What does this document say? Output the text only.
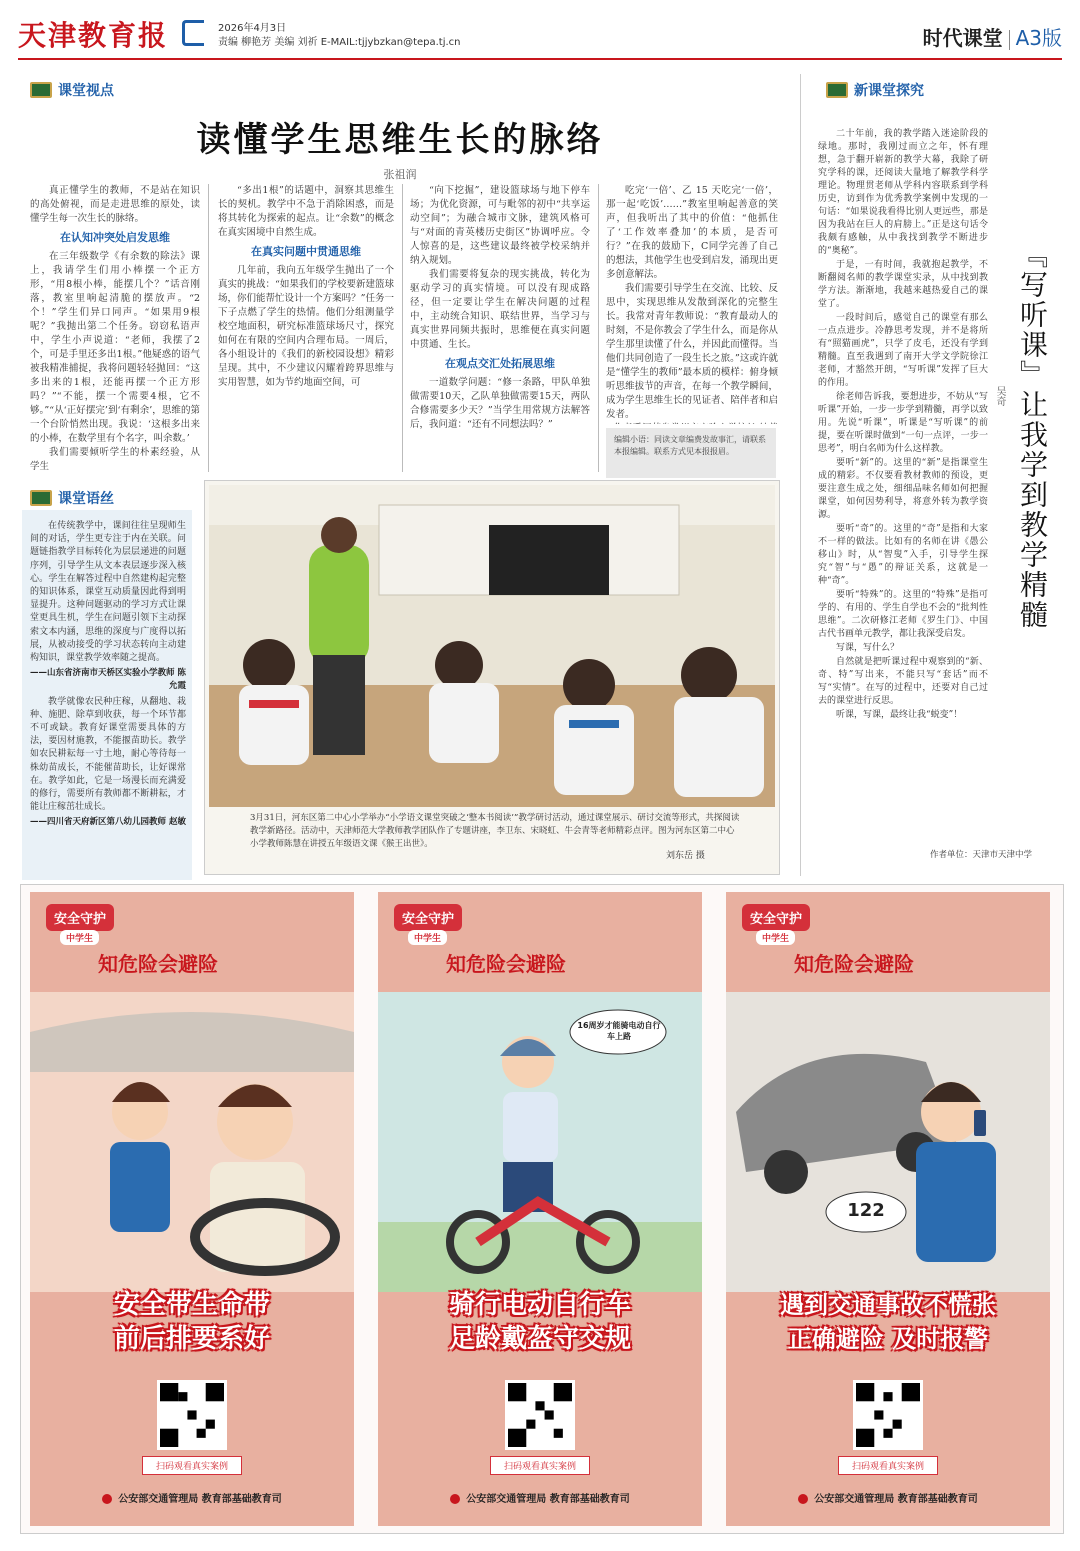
天津教育报	2026年4月3日
责编 柳艳芳 美编 刘祈 E-MAIL:tjjybzkan@tepa.tj.cn	时代课堂 A3版
课堂视点	新课堂探究
读懂学生思维生长的脉络
张祖润

真正懂学生的教师，不是站在知识的高处俯视，而是走进思维的原处，读懂学生每一次生长的脉络。

在认知冲突处启发思维

在三年级数学《有余数的除法》课上，我请学生们用小棒摆一个正方形，“用8根小棒，能摆几个？”话音刚落，教室里响起清脆的摆放声。“2个！”学生们异口同声。“如果用9根呢？”我抛出第二个任务。窃窃私语声中，学生小声说道：“老师，我摆了2个，可是手里还多出1根。”他疑惑的语气被我精准捕捉，我将问题轻轻抛回：“这多出来的1根，还能再摆一个正方形吗？”“不能，摆一个需要4根，它不够。”“从‘正好摆完’到‘有剩余’，思维的第一个台阶悄然出现。我说：‘这根多出来的小棒，在数学里有个名字，叫余数。’

我们需要倾听学生的朴素经验，从学生

“多出1根”的话题中，洞察其思维生长的契机。教学中不急于消除困惑，而是将其转化为探索的起点。让“余数”的概念在真实困境中自然生成。

在真实问题中贯通思维

几年前，我向五年级学生抛出了一个真实的挑战：“如果我们的学校要新建篮球场，你们能帮忙设计一个方案吗？”任务一下子点燃了学生的热情。他们分组测量学校空地面积，研究标准篮球场尺寸，探究如何在有限的空间内合理布局。一周后，各小组设计的《我们的新校园设想》精彩呈现。其中，不少建议闪耀着跨界思维与实用智慧，如为节约地面空间，可

“向下挖掘”，建设篮球场与地下停车场；为优化资源，可与毗邻的初中“共享运动空间”；为融合城市文脉，建筑风格可与“对面的青英楼历史街区”协调呼应。令人惊喜的是，这些建议最终被学校采纳并纳入规划。

我们需要将复杂的现实挑战，转化为驱动学习的真实情境。可以没有现成路径，但一定要让学生在解决问题的过程中，主动统合知识、联结世界，当学习与真实世界同频共振时，思维便在真实问题中贯通、生长。

在观点交汇处拓展思维

一道数学问题：“修一条路，甲队单独做需要10天，乙队单独做需要15天，两队合修需要多少天？”当学生用常规方法解答后，我问道：“还有不同想法吗？”

吃完‘一倍’、乙 15 天吃完‘一倍’，那一起‘吃饭’……”教室里响起善意的笑声，但我听出了其中的价值：“他抓住了‘工作效率叠加’的本质，是否可行？”在我的鼓励下，C同学完善了自己的想法，其他学生也受到启发，涌现出更多创意解法。

我们需要引导学生在交流、比较、反思中，实现思维从发散到深化的完整生长。我常对青年教师说：“教育最动人的时刻，不是你教会了学生什么，而是你从学生那里读懂了什么，并因此而懂得。当他们共同创造了一段生长之旅。”这或许就是“懂学生的教师”最本质的模样：俯身倾听思维拔节的声音，在每一个教学瞬间，成为学生思维生长的见证者、陪伴者和启发者。

编辑小语：同读文章编费发故事汇，请联系本报编辑。联系方式见本报报眉。
课堂语丝

在传统教学中，课间往往呈现师生间的对话，学生更专注于内在关联。问题链指教学目标转化为层层递进的问题序列，引导学生从文本表层逐步深入核心。学生在解答过程中自然建构起完整的知识体系，课堂互动质量因此得到明显提升。这种问题驱动的学习方式让课堂更具生机，学生在问题引领下主动探索文本内涵，思维的深度与广度得以拓展，从被动接受的学习状态转向主动建构知识，课堂教学效率随之提高。

——山东省济南市天桥区实验小学教师 陈允霞

教学就像农民种庄稼，从翻地、栽种、施肥、除草到收获，每一个环节都不可或缺。教育好课堂需要具体的方法，要因材施教，不能揠苗助长。教学如农民耕耘每一寸土地，耐心等待每一株幼苗成长，不能催苗助长，让好课常在。教学如此，它是一场漫长而充满爱的修行，需要所有教师都不断耕耘，才能让庄稼茁壮成长。

——四川省天府新区第八幼儿园教师 赵敏	3月31日，河东区第二中心小学举办“小学语文课堂突破之‘整本书阅读’”教学研讨活动，通过课堂展示、研讨交流等形式，共探阅读教学新路径。活动中，天津师范大学教师教学团队作了专题讲座，李卫东、宋晓虹、牛会青等老师精彩点评。图为河东区第二中心小学教师陈慧在讲授五年级语文课《猴王出世》。
刘东岳 摄
『写听课』让我学到教学精髓
吴奇

二十年前，我的教学踏入迷途阶段的绿地。那时，我刚过而立之年，怀有理想，急于翻开崭新的教学大幕，我除了研究学科的课，还阅读大量地了解教学科学理论。物理贯老师从学科内容联系到学科历史，访到作为优秀教学案例中发现的一句话：“如果说我看得比别人更远些，那是因为我站在巨人的肩膀上。”正是这句话令我颇有感触，从中我找到教学不断进步的“奥秘”。

于是，一有时间，我就抱起教学，不断翻阅名师的教学课堂实录，从中找到教学方法。渐渐地，我越来越热爱自己的课堂了。

一段时间后，感觉自己的课堂有那么一点点进步。冷静思考发现，并不是将所有“照猫画虎”，只学了皮毛，还没有学到精髓。直至我遇到了南开大学文学院徐江老师，才豁然开朗，“写听课”发挥了巨大的作用。

徐老师告诉我，要想进步，不妨从“写听课”开始，一步一步学到精髓，再学以致用。先说“听课”，听课是“写听课”的前提，要在听课时做到“一句一点评，一步一思考”，明白名师为什么这样教。

要听“新”的。这里的“新”是指课堂生成的精彩。不仅要看教材教师的预设，更要注意生成之处，细细品味名师如何把握课堂，如何因势利导，将意外转为教学资源。

要听“奇”的。这里的“奇”是指和大家不一样的做法。比如有的名师在讲《愚公移山》时，从“智叟”入手，引导学生探究“智”与“愚”的辩证关系，这就是一种“奇”。

要听“特殊”的。这里的“特殊”是指可学的、有用的、学生自学也不会的“批判性思维”。二次研修江老师《罗生门》、中国古代书画单元教学，都让我深受启发。

写课，写什么？

自然就是把听课过程中观察到的“新、奇、特”写出来，不能只写“套话”而不写“实情”。在写的过程中，还要对自己过去的课堂进行反思。

听课，写课，最终让我“蜕变”！

作者单位：天津市天津中学
安全守护
中学生
知危险会避险
安全带生命带
前后排要系好
扫码观看真实案例
公安部交通管理局 教育部基础教育司
安全守护
中学生
知危险会避险
16周岁才能骑电动自行车上路
骑行电动自行车
足龄戴盔守交规
扫码观看真实案例
公安部交通管理局 教育部基础教育司
安全守护
中学生
知危险会避险
122
遇到交通事故不慌张
正确避险 及时报警
扫码观看真实案例
公安部交通管理局 教育部基础教育司
